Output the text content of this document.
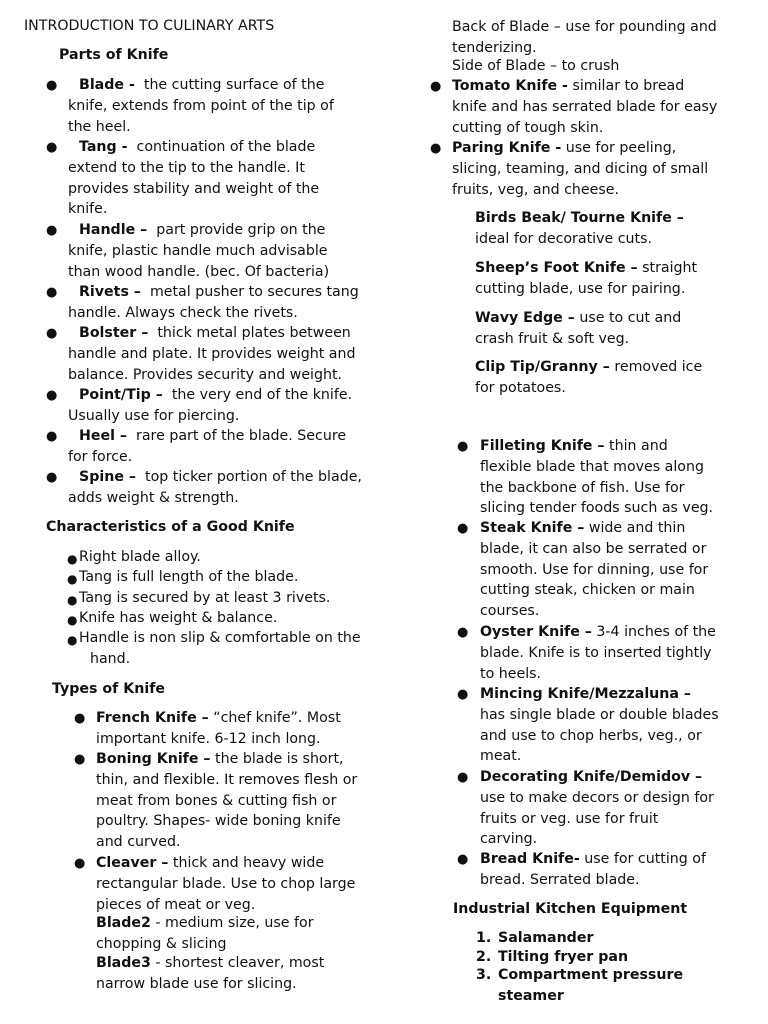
INTRODUCTION TO CULINARY ARTS
Parts of Knife
● Blade -  the cutting surface of the
knife, extends from point of the tip of
the heel.
● Tang -  continuation of the blade
extend to the tip to the handle. It
provides stability and weight of the
knife.
● Handle –  part provide grip on the
knife, plastic handle much advisable
than wood handle. (bec. Of bacteria)
● Rivets –  metal pusher to secures tang
handle. Always check the rivets.
● Bolster –  thick metal plates between
handle and plate. It provides weight and
balance. Provides security and weight.
● Point/Tip –  the very end of the knife.
Usually use for piercing.
● Heel –  rare part of the blade. Secure
for force.
● Spine –  top ticker portion of the blade,
adds weight & strength.
Characteristics of a Good Knife
● Right blade alloy.
● Tang is full length of the blade.
● Tang is secured by at least 3 rivets.
● Knife has weight & balance.
● Handle is non slip & comfortable on the
hand.
Types of Knife
● French Knife – “chef knife”. Most
important knife. 6-12 inch long.
● Boning Knife – the blade is short,
thin, and flexible. It removes flesh or
meat from bones & cutting fish or
poultry. Shapes- wide boning knife
and curved.
● Cleaver – thick and heavy wide
rectangular blade. Use to chop large
pieces of meat or veg.
Blade2 - medium size, use for
chopping & slicing
Blade3 - shortest cleaver, most
narrow blade use for slicing.
Back of Blade – use for pounding and
tenderizing.
Side of Blade – to crush
● Tomato Knife - similar to bread
knife and has serrated blade for easy
cutting of tough skin.
● Paring Knife - use for peeling,
slicing, teaming, and dicing of small
fruits, veg, and cheese.
Birds Beak/ Tourne Knife –
ideal for decorative cuts.
Sheep’s Foot Knife – straight
cutting blade, use for pairing.
Wavy Edge – use to cut and
crash fruit & soft veg.
Clip Tip/Granny – removed ice
for potatoes.
● Filleting Knife – thin and
flexible blade that moves along
the backbone of fish. Use for
slicing tender foods such as veg.
● Steak Knife – wide and thin
blade, it can also be serrated or
smooth. Use for dinning, use for
cutting steak, chicken or main
courses.
● Oyster Knife – 3-4 inches of the
blade. Knife is to inserted tightly
to heels.
● Mincing Knife/Mezzaluna –
has single blade or double blades
and use to chop herbs, veg., or
meat.
● Decorating Knife/Demidov –
use to make decors or design for
fruits or veg. use for fruit
carving.
● Bread Knife- use for cutting of
bread. Serrated blade.
Industrial Kitchen Equipment
1. Salamander
2. Tilting fryer pan
3. Compartment pressure
steamer
